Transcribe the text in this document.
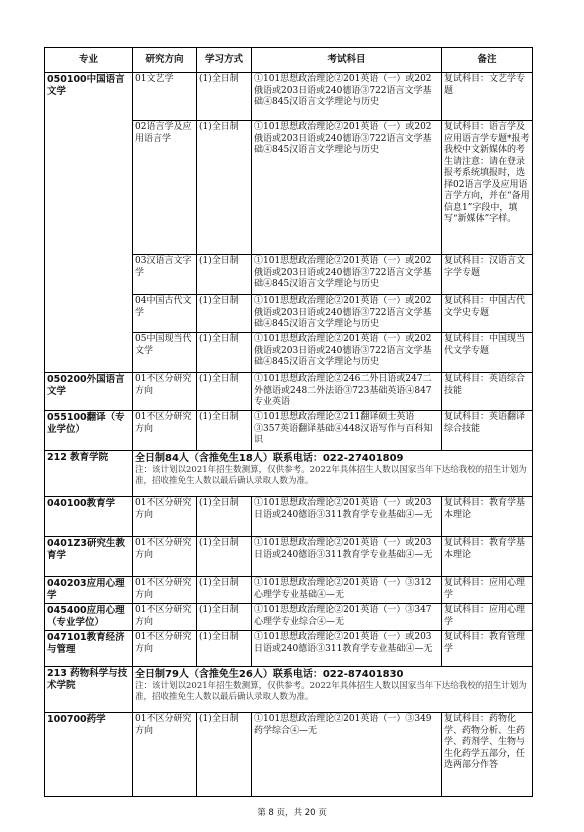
专业	研究方向	学习方式	考试科目	备注
050100中国语言文学	01文艺学	(1)全日制	①101思想政治理论②201英语（一）或202俄语或203日语或240德语③722语言文学基础④845汉语言文学理论与历史	复试科目：文艺学专题
	02语言学及应用语言学	(1)全日制	①101思想政治理论②201英语（一）或202俄语或203日语或240德语③722语言文学基础④845汉语言文学理论与历史	复试科目：语言学及应用语言学专题*报考我校中文新媒体的考生请注意：请在登录报考系统填报时，选择02语言学及应用语言学方向，并在“备用信息1”字段中，填写“新媒体”字样。
	03汉语言文字学	(1)全日制	①101思想政治理论②201英语（一）或202俄语或203日语或240德语③722语言文学基础④845汉语言文学理论与历史	复试科目：汉语言文字学专题
	04中国古代文学	(1)全日制	①101思想政治理论②201英语（一）或202俄语或203日语或240德语③722语言文学基础④845汉语言文学理论与历史	复试科目：中国古代文学史专题
	05中国现当代文学	(1)全日制	①101思想政治理论②201英语（一）或202俄语或203日语或240德语③722语言文学基础④845汉语言文学理论与历史	复试科目：中国现当代文学专题
050200外国语言文学	01不区分研究方向	(1)全日制	①101思想政治理论②246二外日语或247二外德语或248二外法语③723基础英语④847专业英语	复试科目：英语综合技能
055100翻译（专业学位）	01不区分研究方向	(1)全日制	①101思想政治理论②211翻译硕士英语③357英语翻译基础④448汉语写作与百科知识	复试科目：英语翻译综合技能
212 教育学院	全日制84人（含推免生18人）联系电话：022-27401809
注：该计划以2021年招生数测算，仅供参考。2022年具体招生人数以国家当年下达给我校的招生计划为准，招收推免生人数以最后确认录取人数为准。			

040100教育学	01不区分研究方向	(1)全日制	①101思想政治理论②201英语（一）或203日语或240德语③311教育学专业基础④—无	复试科目：教育学基本理论
0401Z3研究生教育学	01不区分研究方向	(1)全日制	①101思想政治理论②201英语（一）或203日语或240德语③311教育学专业基础④—无	复试科目：教育学基本理论
040203应用心理学	01不区分研究方向	(1)全日制	①101思想政治理论②201英语（一）③312心理学专业基础④—无	复试科目：应用心理学
045400应用心理（专业学位）	01不区分研究方向	(1)全日制	①101思想政治理论②201英语（一）③347心理学专业综合④—无	复试科目：应用心理学
047101教育经济与管理	01不区分研究方向	(1)全日制	①101思想政治理论②201英语（一）或203日语或240德语③311教育学专业基础④—无	复试科目：教育管理学
213 药物科学与技术学院	全日制79人（含推免生26人）联系电话：022-87401830
注：该计划以2021年招生数测算，仅供参考。2022年具体招生人数以国家当年下达给我校的招生计划为准，招收推免生人数以最后确认录取人数为准。			

100700药学	01不区分研究方向	(1)全日制	①101思想政治理论②201英语（一）③349药学综合④—无	复试科目：药物化学、药物分析、生药学、药剂学、生物与生化药学五部分，任选两部分作答
第 8 页，共 20 页
